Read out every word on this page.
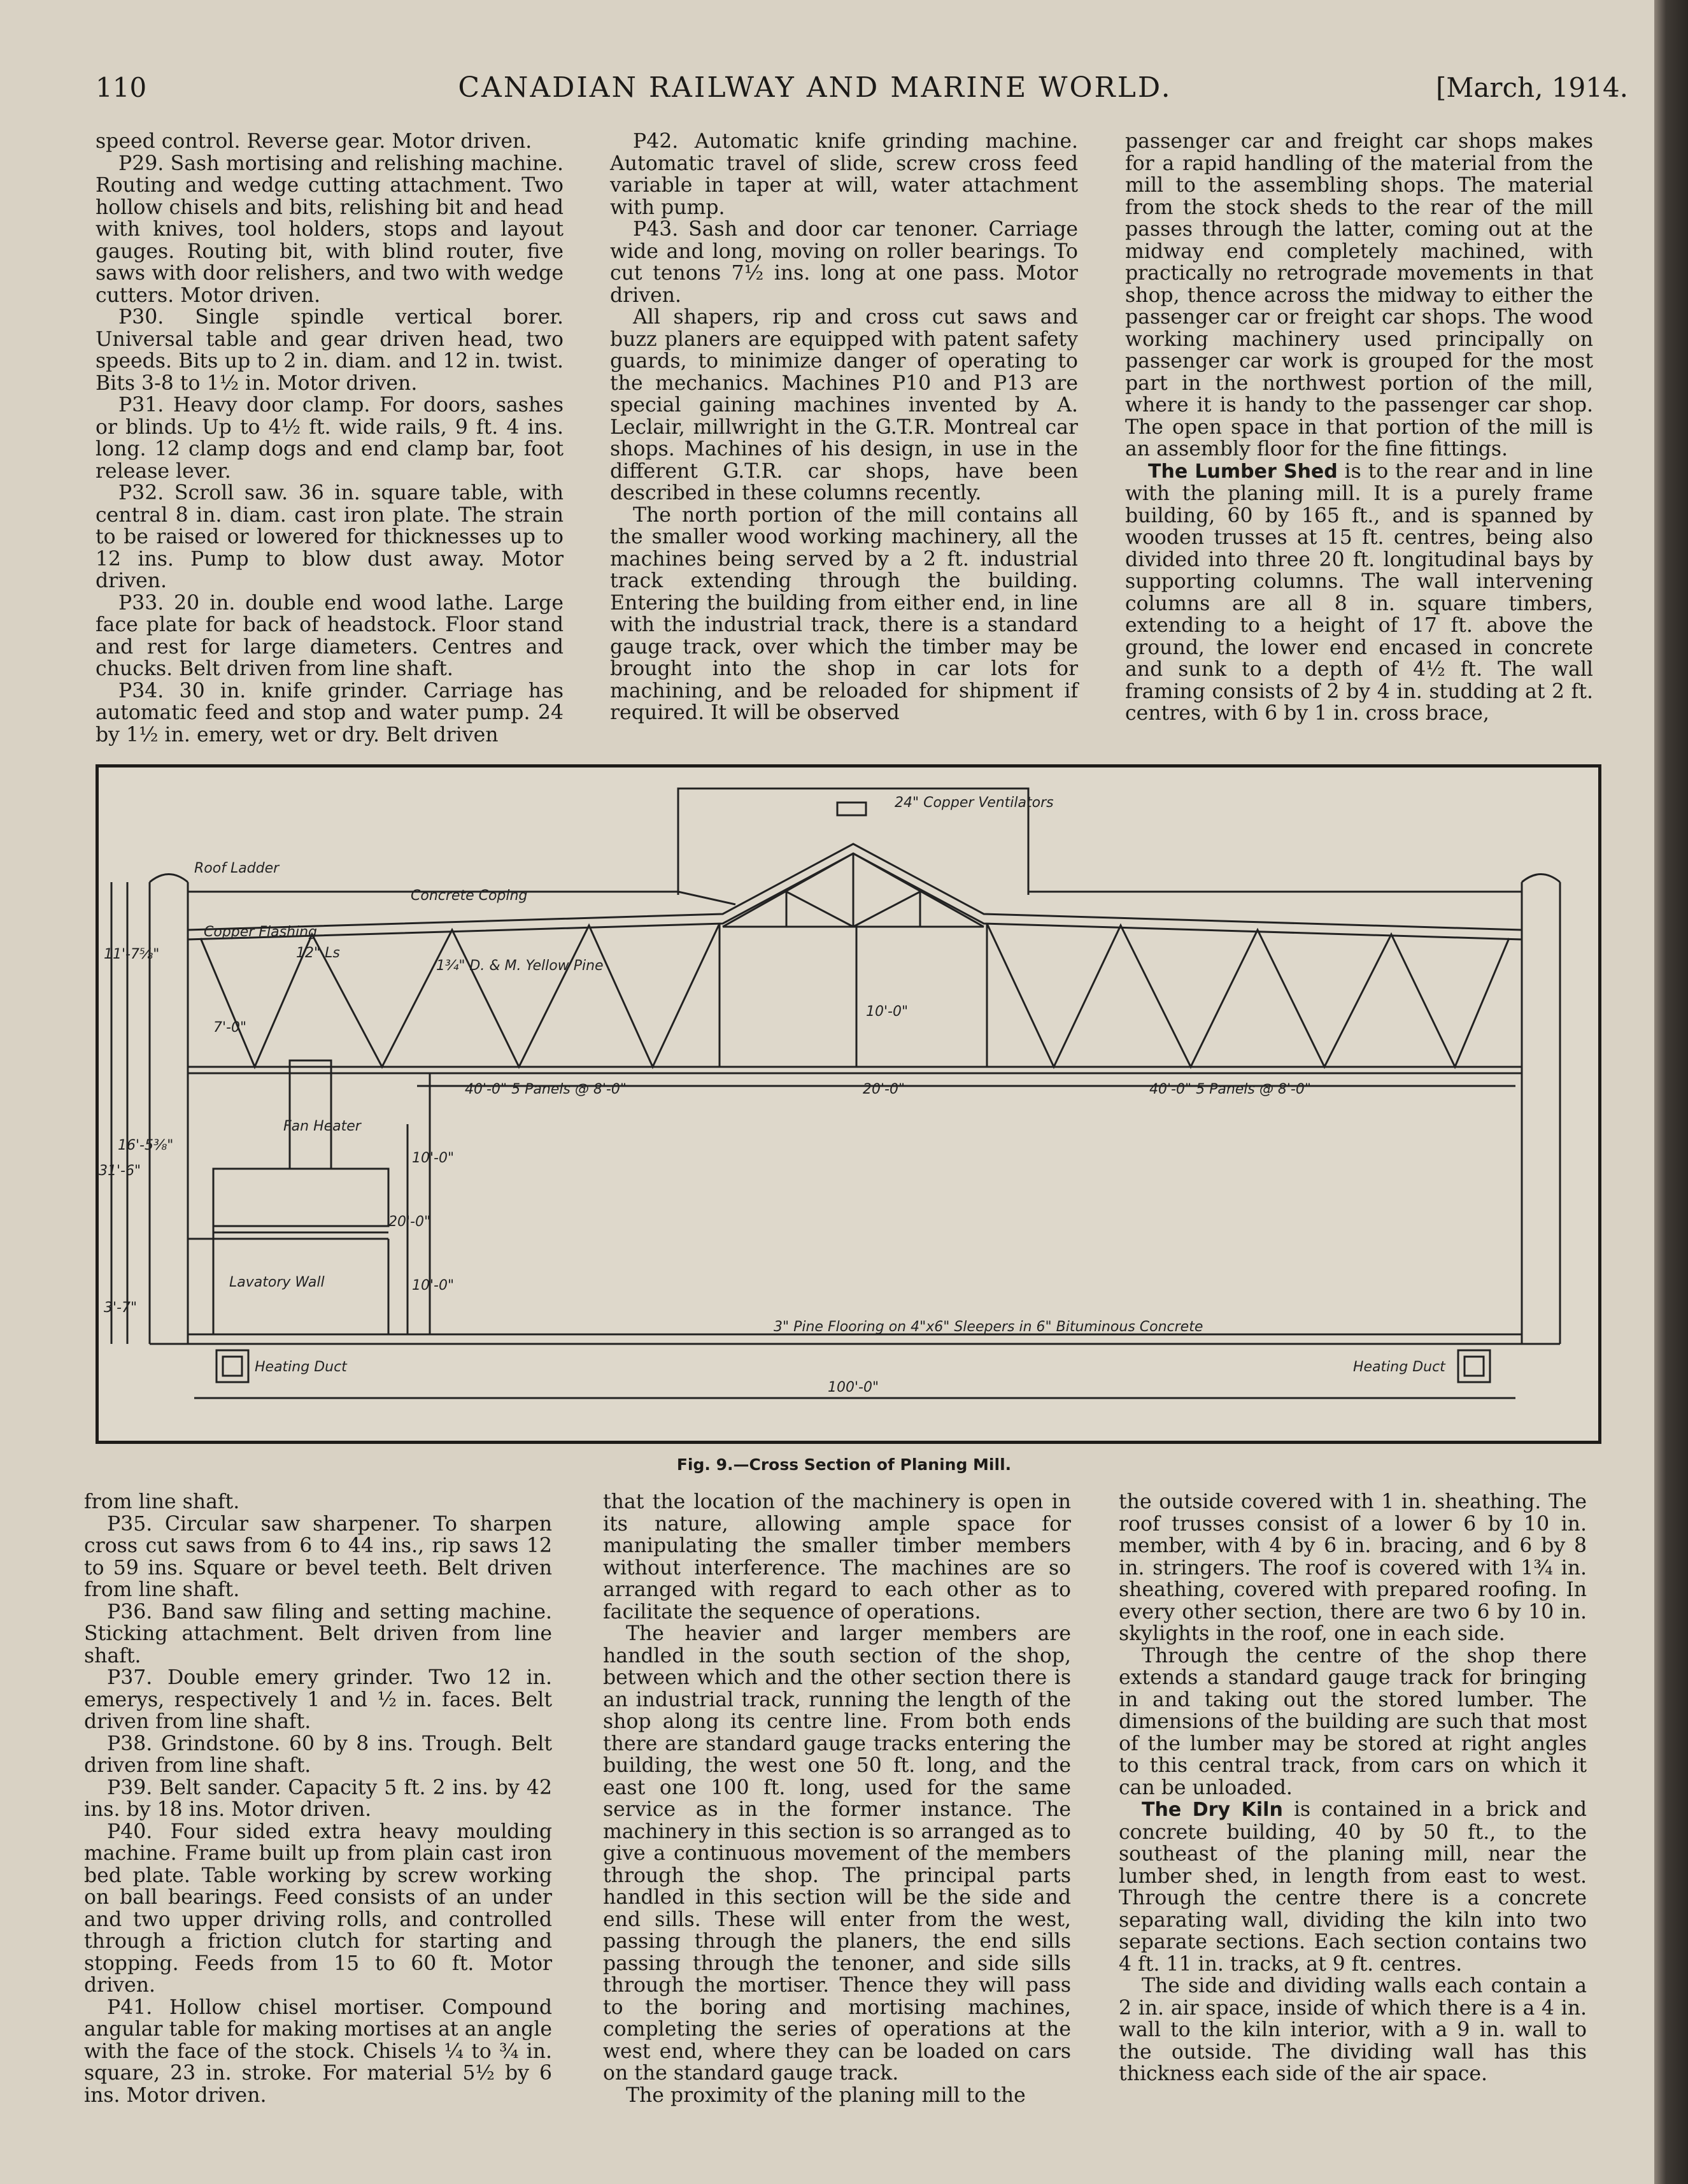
110	CANADIAN RAILWAY AND MARINE WORLD.	[March, 1914.

speed control. Reverse gear. Motor driven.

P29. Sash mortising and relishing machine. Routing and wedge cutting attachment. Two hollow chisels and bits, relishing bit and head with knives, tool holders, stops and layout gauges. Routing bit, with blind router, five saws with door relishers, and two with wedge cutters. Motor driven.

P30. Single spindle vertical borer. Universal table and gear driven head, two speeds. Bits up to 2 in. diam. and 12 in. twist. Bits 3-8 to 1½ in. Motor driven.

P31. Heavy door clamp. For doors, sashes or blinds. Up to 4½ ft. wide rails, 9 ft. 4 ins. long. 12 clamp dogs and end clamp bar, foot release lever.

P32. Scroll saw. 36 in. square table, with central 8 in. diam. cast iron plate. The strain to be raised or lowered for thicknesses up to 12 ins. Pump to blow dust away. Motor driven.

P33. 20 in. double end wood lathe. Large face plate for back of headstock. Floor stand and rest for large diameters. Centres and chucks. Belt driven from line shaft.

P34. 30 in. knife grinder. Carriage has automatic feed and stop and water pump. 24 by 1½ in. emery, wet or dry. Belt driven

P42. Automatic knife grinding machine. Automatic travel of slide, screw cross feed variable in taper at will, water attachment with pump.

P43. Sash and door car tenoner. Carriage wide and long, moving on roller bearings. To cut tenons 7½ ins. long at one pass. Motor driven.

All shapers, rip and cross cut saws and buzz planers are equipped with patent safety guards, to minimize danger of operating to the mechanics. Machines P10 and P13 are special gaining machines invented by A. Leclair, millwright in the G.T.R. Montreal car shops. Machines of his design, in use in the different G.T.R. car shops, have been described in these columns recently.

The north portion of the mill contains all the smaller wood working machinery, all the machines being served by a 2 ft. industrial track extending through the building. Entering the building from either end, in line with the industrial track, there is a standard gauge track, over which the timber may be brought into the shop in car lots for machining, and be reloaded for shipment if required. It will be observed

passenger car and freight car shops makes for a rapid handling of the material from the mill to the assembling shops. The material from the stock sheds to the rear of the mill passes through the latter, coming out at the midway end completely machined, with practically no retrograde movements in that shop, thence across the midway to either the passenger car or freight car shops. The wood working machinery used principally on passenger car work is grouped for the most part in the northwest portion of the mill, where it is handy to the passenger car shop. The open space in that portion of the mill is an assembly floor for the fine fittings.

The Lumber Shed is to the rear and in line with the planing mill. It is a purely frame building, 60 by 165 ft., and is spanned by wooden trusses at 15 ft. centres, being also divided into three 20 ft. longitudinal bays by supporting columns. The wall intervening columns are all 8 in. square timbers, extending to a height of 17 ft. above the ground, the lower end encased in concrete and sunk to a depth of 4½ ft. The wall framing consists of 2 by 4 in. studding at 2 ft. centres, with 6 by 1 in. cross brace,

24" Copper Ventilators
Roof Ladder
Concrete Coping
Copper Flashing
12" Ls
1¾" D. & M. Yellow Pine
40'-0" 5 Panels @ 8'-0"	20'-0"	40'-0" 5 Panels @ 8'-0"
10'-0"
7'-0"
Fan Heater
Lavatory Wall
3" Pine Flooring on 4"x6" Sleepers in 6" Bituminous Concrete
Heating Duct	Heating Duct
100'-0"
11'-7⅝"
31'-6"
16'-5⅜"
3'-7"
10'-0"
20'-0"
10'-0"
Fig. 9.—Cross Section of Planing Mill.

from line shaft.

P35. Circular saw sharpener. To sharpen cross cut saws from 6 to 44 ins., rip saws 12 to 59 ins. Square or bevel teeth. Belt driven from line shaft.

P36. Band saw filing and setting machine. Sticking attachment. Belt driven from line shaft.

P37. Double emery grinder. Two 12 in. emerys, respectively 1 and ½ in. faces. Belt driven from line shaft.

P38. Grindstone. 60 by 8 ins. Trough. Belt driven from line shaft.

P39. Belt sander. Capacity 5 ft. 2 ins. by 42 ins. by 18 ins. Motor driven.

P40. Four sided extra heavy moulding machine. Frame built up from plain cast iron bed plate. Table working by screw working on ball bearings. Feed consists of an under and two upper driving rolls, and controlled through a friction clutch for starting and stopping. Feeds from 15 to 60 ft. Motor driven.

P41. Hollow chisel mortiser. Compound angular table for making mortises at an angle with the face of the stock. Chisels ¼ to ¾ in. square, 23 in. stroke. For material 5½ by 6 ins. Motor driven.

that the location of the machinery is open in its nature, allowing ample space for manipulating the smaller timber members without interference. The machines are so arranged with regard to each other as to facilitate the sequence of operations.

The heavier and larger members are handled in the south section of the shop, between which and the other section there is an industrial track, running the length of the shop along its centre line. From both ends there are standard gauge tracks entering the building, the west one 50 ft. long, and the east one 100 ft. long, used for the same service as in the former instance. The machinery in this section is so arranged as to give a continuous movement of the members through the shop. The principal parts handled in this section will be the side and end sills. These will enter from the west, passing through the planers, the end sills passing through the tenoner, and side sills through the mortiser. Thence they will pass to the boring and mortising machines, completing the series of operations at the west end, where they can be loaded on cars on the standard gauge track.

The proximity of the planing mill to the

the outside covered with 1 in. sheathing. The roof trusses consist of a lower 6 by 10 in. member, with 4 by 6 in. bracing, and 6 by 8 in. stringers. The roof is covered with 1¾ in. sheathing, covered with prepared roofing. In every other section, there are two 6 by 10 in. skylights in the roof, one in each side.

Through the centre of the shop there extends a standard gauge track for bringing in and taking out the stored lumber. The dimensions of the building are such that most of the lumber may be stored at right angles to this central track, from cars on which it can be unloaded.

The Dry Kiln is contained in a brick and concrete building, 40 by 50 ft., to the southeast of the planing mill, near the lumber shed, in length from east to west. Through the centre there is a concrete separating wall, dividing the kiln into two separate sections. Each section contains two 4 ft. 11 in. tracks, at 9 ft. centres.

The side and dividing walls each contain a 2 in. air space, inside of which there is a 4 in. wall to the kiln interior, with a 9 in. wall to the outside. The dividing wall has this thickness each side of the air space.
